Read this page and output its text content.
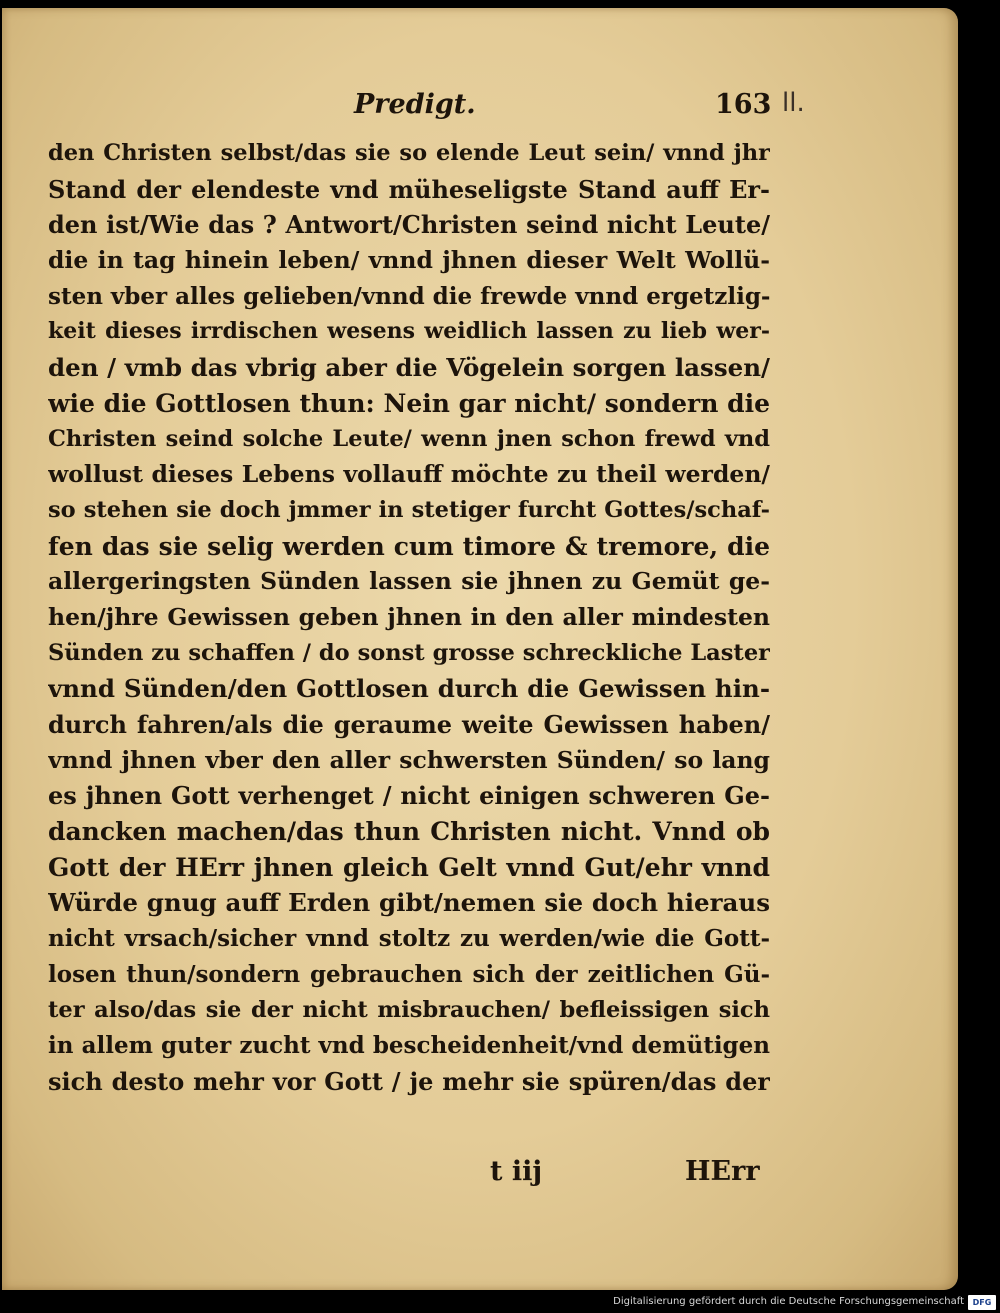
Predigt.	163 ll.

den Christen selbst/das sie so elende Leut sein/ vnnd jhr
Stand der elendeste vnd müheseligste Stand auff Er-
den ist/Wie das ? Antwort/Christen seind nicht Leute/
die in tag hinein leben/ vnnd jhnen dieser Welt Wollü-
sten vber alles gelieben/vnnd die frewde vnnd ergetzlig-
keit dieses irrdischen wesens weidlich lassen zu lieb wer-
den / vmb das vbrig aber die Vögelein sorgen lassen/
wie die Gottlosen thun: Nein gar nicht/ sondern die
Christen seind solche Leute/ wenn jnen schon frewd vnd
wollust dieses Lebens vollauff möchte zu theil werden/
so stehen sie doch jmmer in stetiger furcht Gottes/schaf-
fen das sie selig werden cum timore & tremore, die
allergeringsten Sünden lassen sie jhnen zu Gemüt ge-
hen/jhre Gewissen geben jhnen in den aller mindesten
Sünden zu schaffen / do sonst grosse schreckliche Laster
vnnd Sünden/den Gottlosen durch die Gewissen hin-
durch fahren/als die geraume weite Gewissen haben/
vnnd jhnen vber den aller schwersten Sünden/ so lang
es jhnen Gott verhenget / nicht einigen schweren Ge-
dancken machen/das thun Christen nicht. Vnnd ob
Gott der HErr jhnen gleich Gelt vnnd Gut/ehr vnnd
Würde gnug auff Erden gibt/nemen sie doch hieraus
nicht vrsach/sicher vnnd stoltz zu werden/wie die Gott-
losen thun/sondern gebrauchen sich der zeitlichen Gü-
ter also/das sie der nicht misbrauchen/ befleissigen sich
in allem guter zucht vnd bescheidenheit/vnd demütigen
sich desto mehr vor Gott / je mehr sie spüren/das der

t iij	HErr

Digitalisierung gefördert durch die Deutsche Forschungsgemeinschaft	DFG
